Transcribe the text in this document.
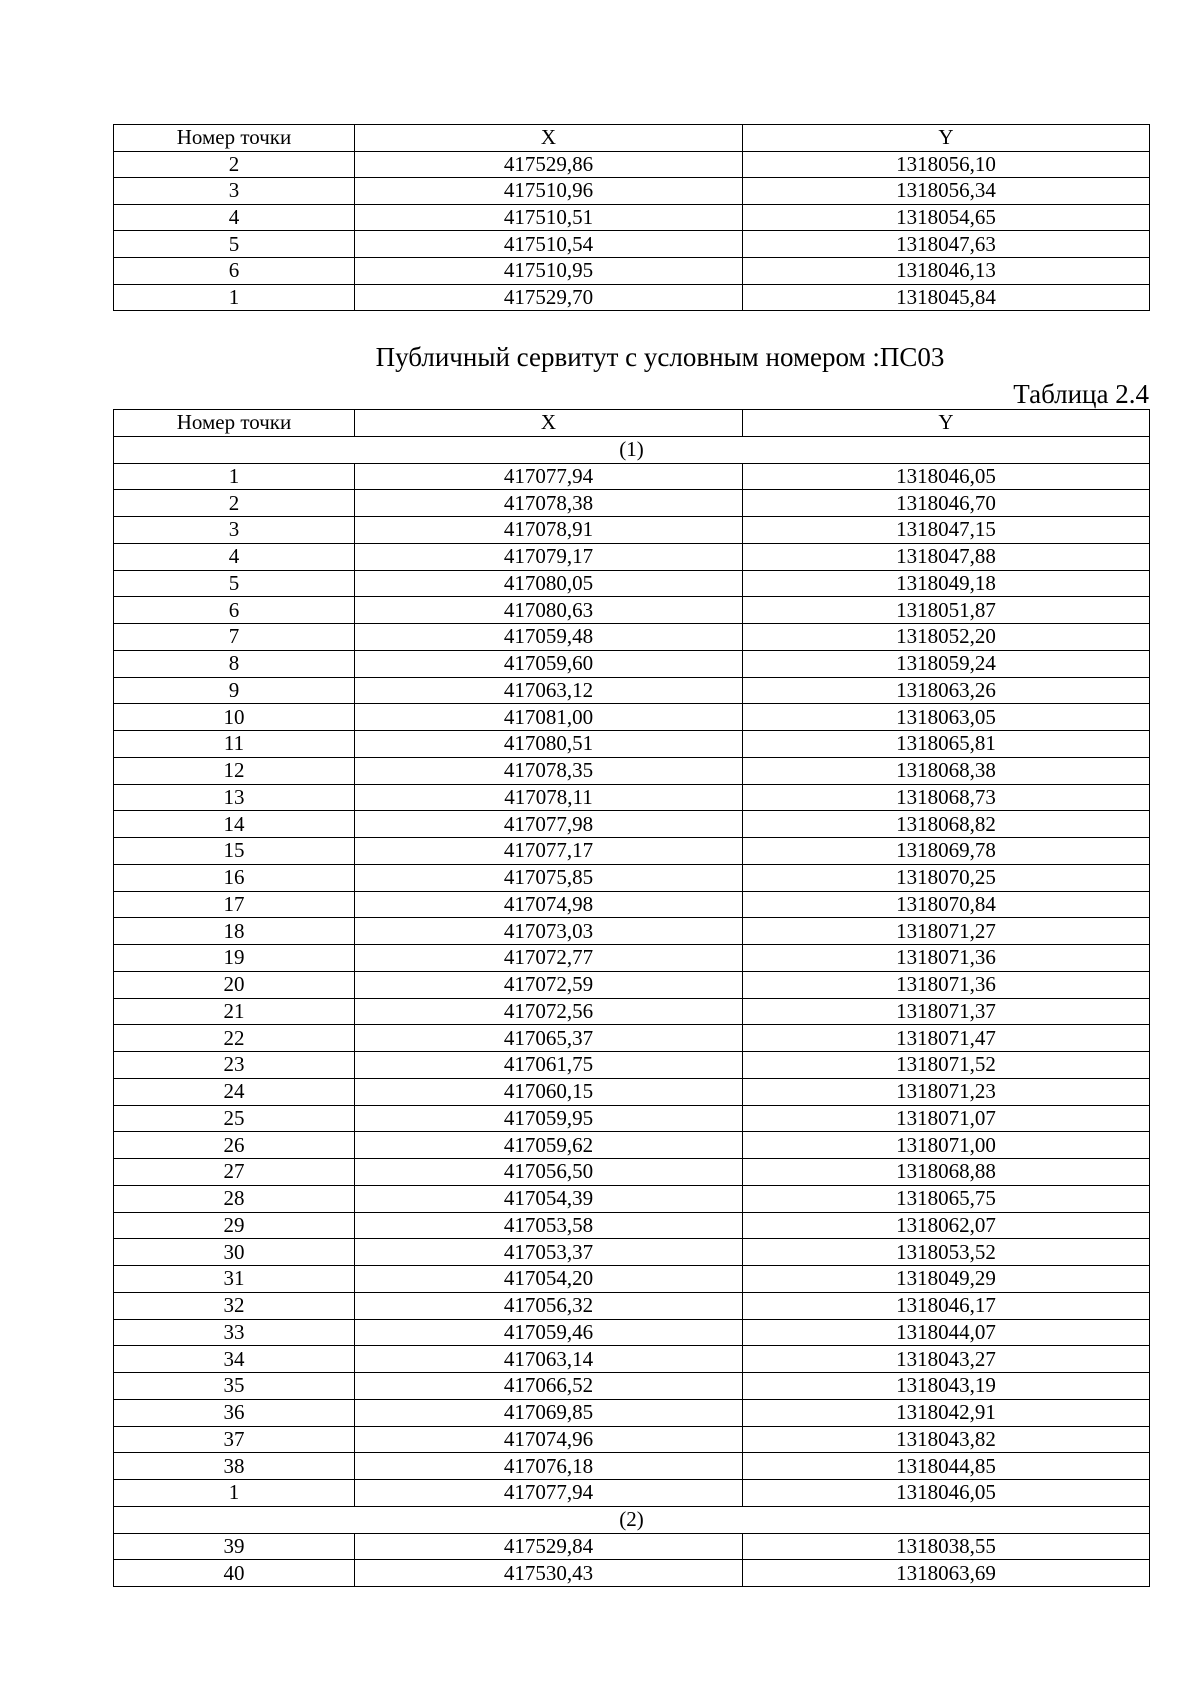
Номер точки	X	Y
2	417529,86	1318056,10
3	417510,96	1318056,34
4	417510,51	1318054,65
5	417510,54	1318047,63
6	417510,95	1318046,13
1	417529,70	1318045,84
Публичный сервитут с условным номером :ПС03
Таблица 2.4
Номер точки	X	Y
(1)		
1	417077,94	1318046,05
2	417078,38	1318046,70
3	417078,91	1318047,15
4	417079,17	1318047,88
5	417080,05	1318049,18
6	417080,63	1318051,87
7	417059,48	1318052,20
8	417059,60	1318059,24
9	417063,12	1318063,26
10	417081,00	1318063,05
11	417080,51	1318065,81
12	417078,35	1318068,38
13	417078,11	1318068,73
14	417077,98	1318068,82
15	417077,17	1318069,78
16	417075,85	1318070,25
17	417074,98	1318070,84
18	417073,03	1318071,27
19	417072,77	1318071,36
20	417072,59	1318071,36
21	417072,56	1318071,37
22	417065,37	1318071,47
23	417061,75	1318071,52
24	417060,15	1318071,23
25	417059,95	1318071,07
26	417059,62	1318071,00
27	417056,50	1318068,88
28	417054,39	1318065,75
29	417053,58	1318062,07
30	417053,37	1318053,52
31	417054,20	1318049,29
32	417056,32	1318046,17
33	417059,46	1318044,07
34	417063,14	1318043,27
35	417066,52	1318043,19
36	417069,85	1318042,91
37	417074,96	1318043,82
38	417076,18	1318044,85
1	417077,94	1318046,05
(2)		
39	417529,84	1318038,55
40	417530,43	1318063,69
